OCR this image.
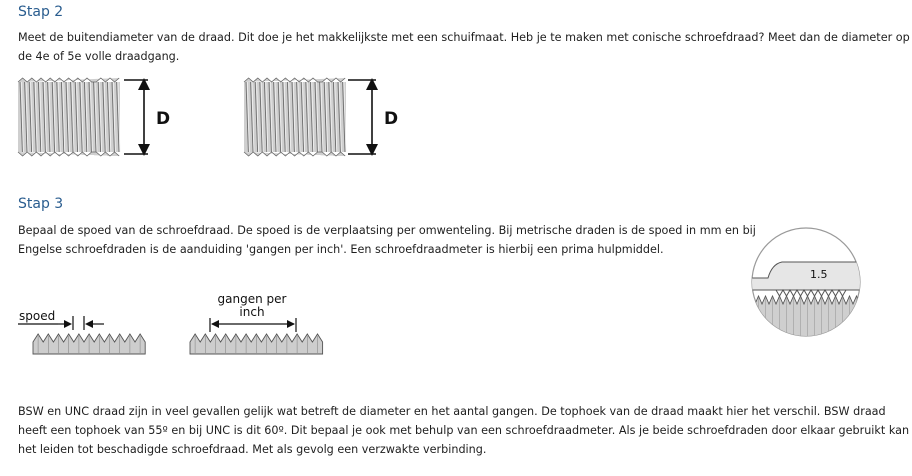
Stap 2
Meet de buitendiameter van de draad. Dit doe je het makkelijkste met een schuifmaat. Heb je te maken met conische schroefdraad? Meet dan de diameter op
de 4e of 5e volle draadgang.
D	D
Stap 3
Bepaal de spoed van de schroefdraad. De spoed is de verplaatsing per omwenteling. Bij metrische draden is de spoed in mm en bij
Engelse schroefdraden is de aanduiding 'gangen per inch'. Een schroefdraadmeter is hierbij een prima hulpmiddel.
spoed
gangen per
inch
1.5
BSW en UNC draad zijn in veel gevallen gelijk wat betreft de diameter en het aantal gangen. De tophoek van de draad maakt hier het verschil. BSW draad
heeft een tophoek van 55º en bij UNC is dit 60º. Dit bepaal je ook met behulp van een schroefdraadmeter. Als je beide schroefdraden door elkaar gebruikt kan
het leiden tot beschadigde schroefdraad. Met als gevolg een verzwakte verbinding.
